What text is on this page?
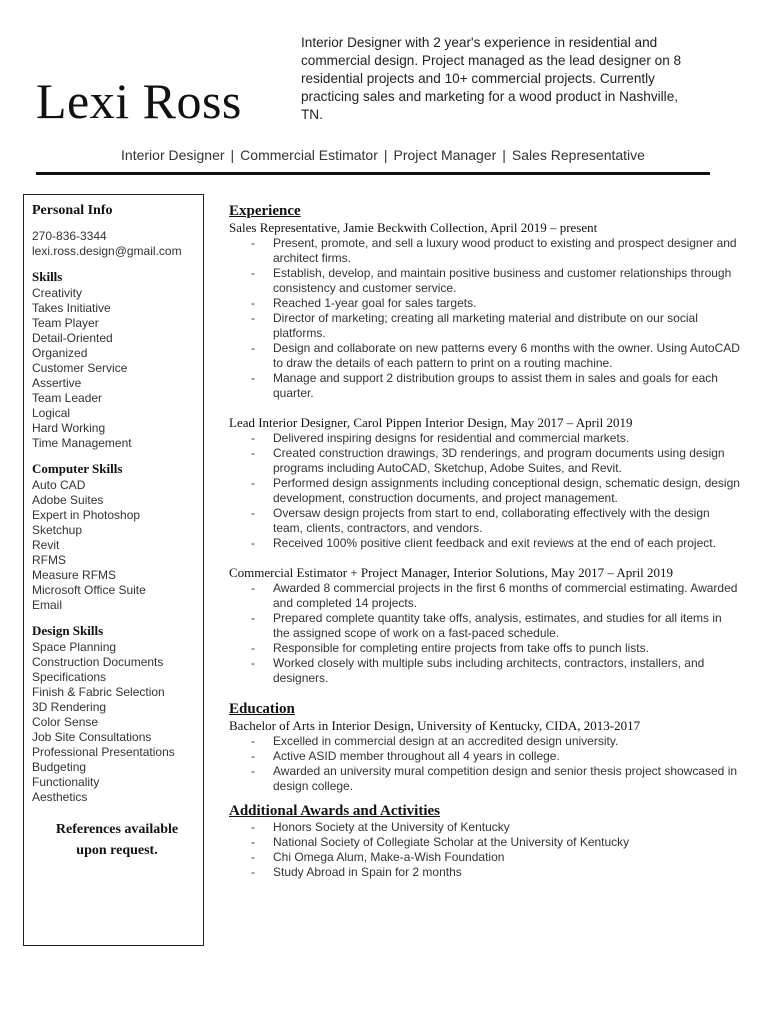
Lexi Ross
Interior Designer with 2 year's experience in residential and commercial design. Project managed as the lead designer on 8 residential projects and 10+ commercial projects. Currently practicing sales and marketing for a wood product in Nashville, TN.
Interior Designer | Commercial Estimator | Project Manager | Sales Representative
Personal Info
270-836-3344
lexi.ross.design@gmail.com
Skills
Creativity
Takes Initiative
Team Player
Detail-Oriented
Organized
Customer Service
Assertive
Team Leader
Logical
Hard Working
Time Management
Computer Skills
Auto CAD
Adobe Suites
Expert in Photoshop
Sketchup
Revit
RFMS
Measure RFMS
Microsoft Office Suite
Email
Design Skills
Space Planning
Construction Documents
Specifications
Finish & Fabric Selection
3D Rendering
Color Sense
Job Site Consultations
Professional Presentations
Budgeting
Functionality
Aesthetics
References available
upon request.
Experience
Sales Representative, Jamie Beckwith Collection, April 2019 – present
- Present, promote, and sell a luxury wood product to existing and prospect designer and architect firms.
- Establish, develop, and maintain positive business and customer relationships through consistency and customer service.
- Reached 1-year goal for sales targets.
- Director of marketing; creating all marketing material and distribute on our social platforms.
- Design and collaborate on new patterns every 6 months with the owner. Using AutoCAD to draw the details of each pattern to print on a routing machine.
- Manage and support 2 distribution groups to assist them in sales and goals for each quarter.
Lead Interior Designer, Carol Pippen Interior Design, May 2017 – April 2019
- Delivered inspiring designs for residential and commercial markets.
- Created construction drawings, 3D renderings, and program documents using design programs including AutoCAD, Sketchup, Adobe Suites, and Revit.
- Performed design assignments including conceptional design, schematic design, design development, construction documents, and project management.
- Oversaw design projects from start to end, collaborating effectively with the design team, clients, contractors, and vendors.
- Received 100% positive client feedback and exit reviews at the end of each project.
Commercial Estimator + Project Manager, Interior Solutions, May 2017 – April 2019
- Awarded 8 commercial projects in the first 6 months of commercial estimating. Awarded and completed 14 projects.
- Prepared complete quantity take offs, analysis, estimates, and studies for all items in the assigned scope of work on a fast-paced schedule.
- Responsible for completing entire projects from take offs to punch lists.
- Worked closely with multiple subs including architects, contractors, installers, and designers.
Education
Bachelor of Arts in Interior Design, University of Kentucky, CIDA, 2013-2017
- Excelled in commercial design at an accredited design university.
- Active ASID member throughout all 4 years in college.
- Awarded an university mural competition design and senior thesis project showcased in design college.
Additional Awards and Activities
- Honors Society at the University of Kentucky
- National Society of Collegiate Scholar at the University of Kentucky
- Chi Omega Alum, Make-a-Wish Foundation
- Study Abroad in Spain for 2 months
